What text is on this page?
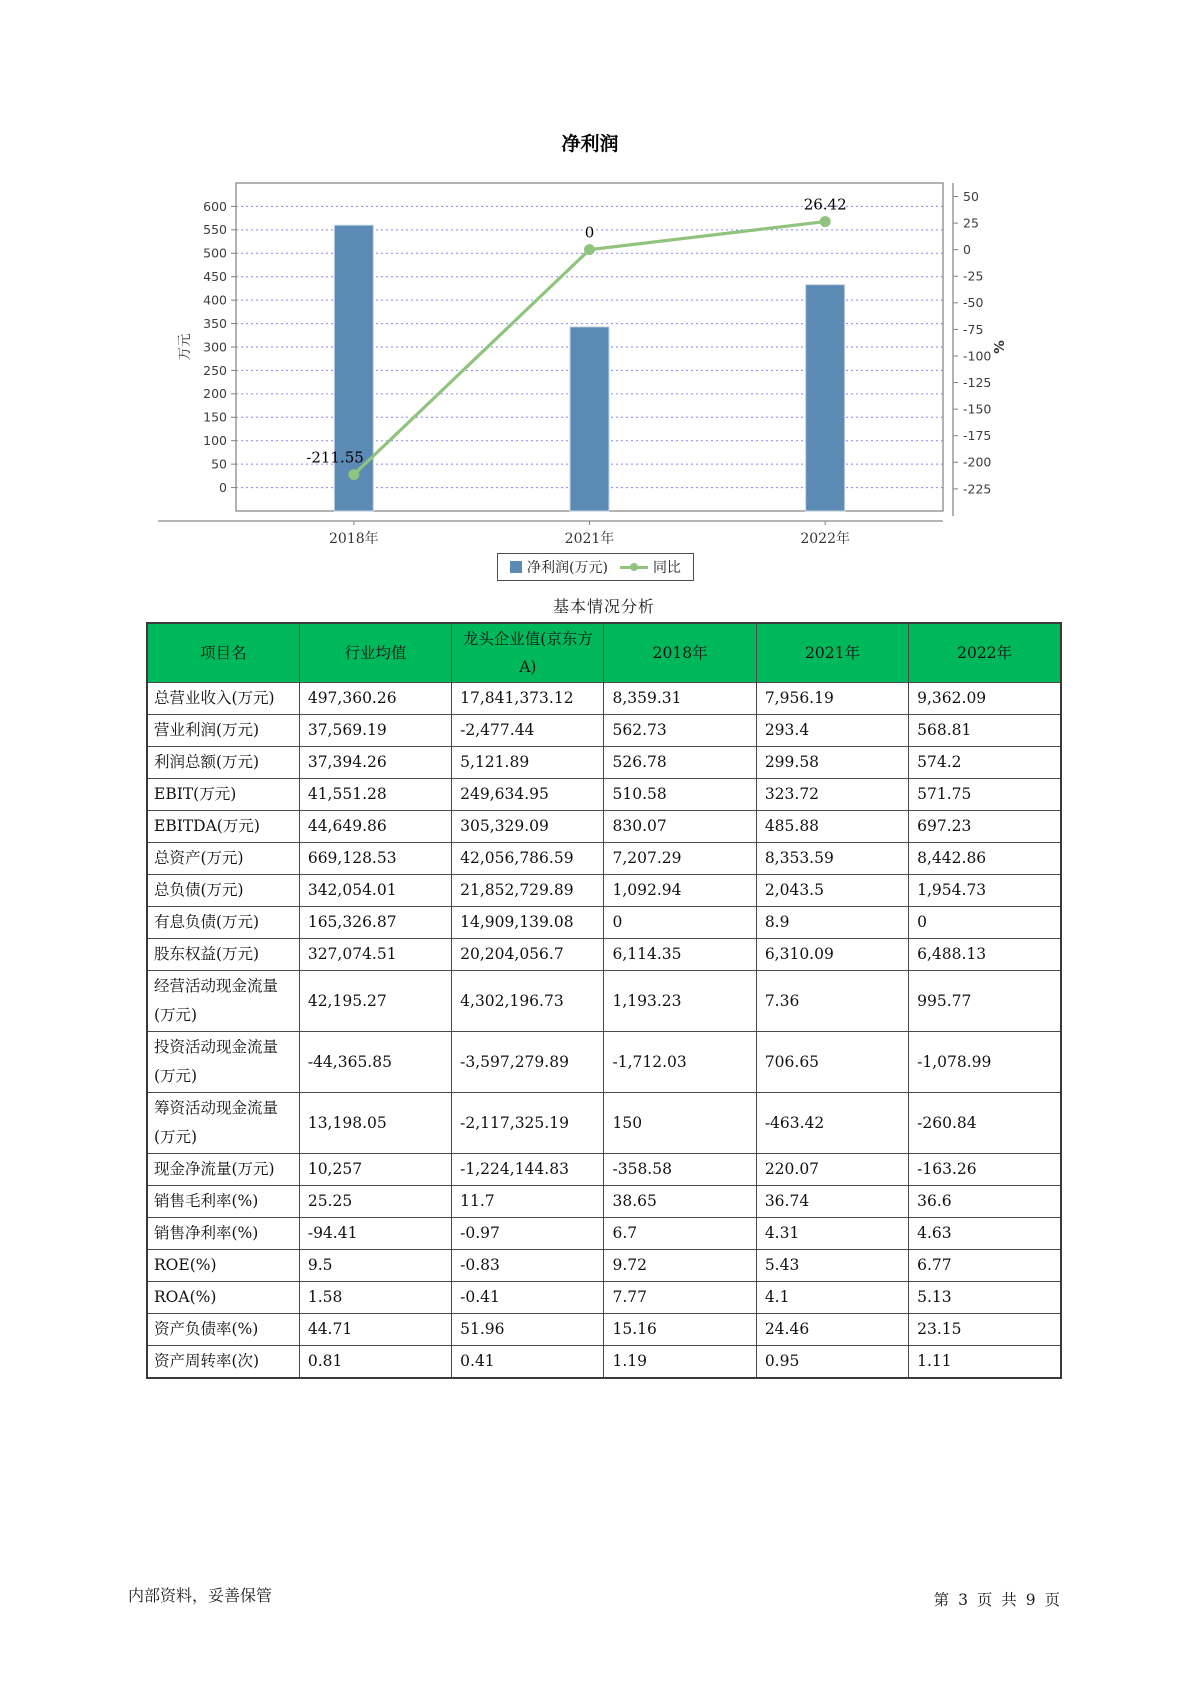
净利润
万元	%
0
50
100
150
200
250
300
350
400
450
500
550
600
50
25
0
-25
-50
-75
-100
-125
-150
-175
-200
-225
2018年	2021年	2022年
-211.55
0
26.42
净利润(万元)	同比
基本情况分析
项目名	行业均值	龙头企业值(京东方A)	2018年	2021年	2022年
总营业收入(万元)	497,360.26	17,841,373.12	8,359.31	7,956.19	9,362.09
营业利润(万元)	37,569.19	-2,477.44	562.73	293.4	568.81
利润总额(万元)	37,394.26	5,121.89	526.78	299.58	574.2
EBIT(万元)	41,551.28	249,634.95	510.58	323.72	571.75
EBITDA(万元)	44,649.86	305,329.09	830.07	485.88	697.23
总资产(万元)	669,128.53	42,056,786.59	7,207.29	8,353.59	8,442.86
总负债(万元)	342,054.01	21,852,729.89	1,092.94	2,043.5	1,954.73
有息负债(万元)	165,326.87	14,909,139.08	0	8.9	0
股东权益(万元)	327,074.51	20,204,056.7	6,114.35	6,310.09	6,488.13
经营活动现金流量(万元)	42,195.27	4,302,196.73	1,193.23	7.36	995.77
投资活动现金流量(万元)	-44,365.85	-3,597,279.89	-1,712.03	706.65	-1,078.99
筹资活动现金流量(万元)	13,198.05	-2,117,325.19	150	-463.42	-260.84
现金净流量(万元)	10,257	-1,224,144.83	-358.58	220.07	-163.26
销售毛利率(%)	25.25	11.7	38.65	36.74	36.6
销售净利率(%)	-94.41	-0.97	6.7	4.31	4.63
ROE(%)	9.5	-0.83	9.72	5.43	6.77
ROA(%)	1.58	-0.41	7.77	4.1	5.13
资产负债率(%)	44.71	51.96	15.16	24.46	23.15
资产周转率(次)	0.81	0.41	1.19	0.95	1.11
内部资料，妥善保管	第 3 页 共 9 页
